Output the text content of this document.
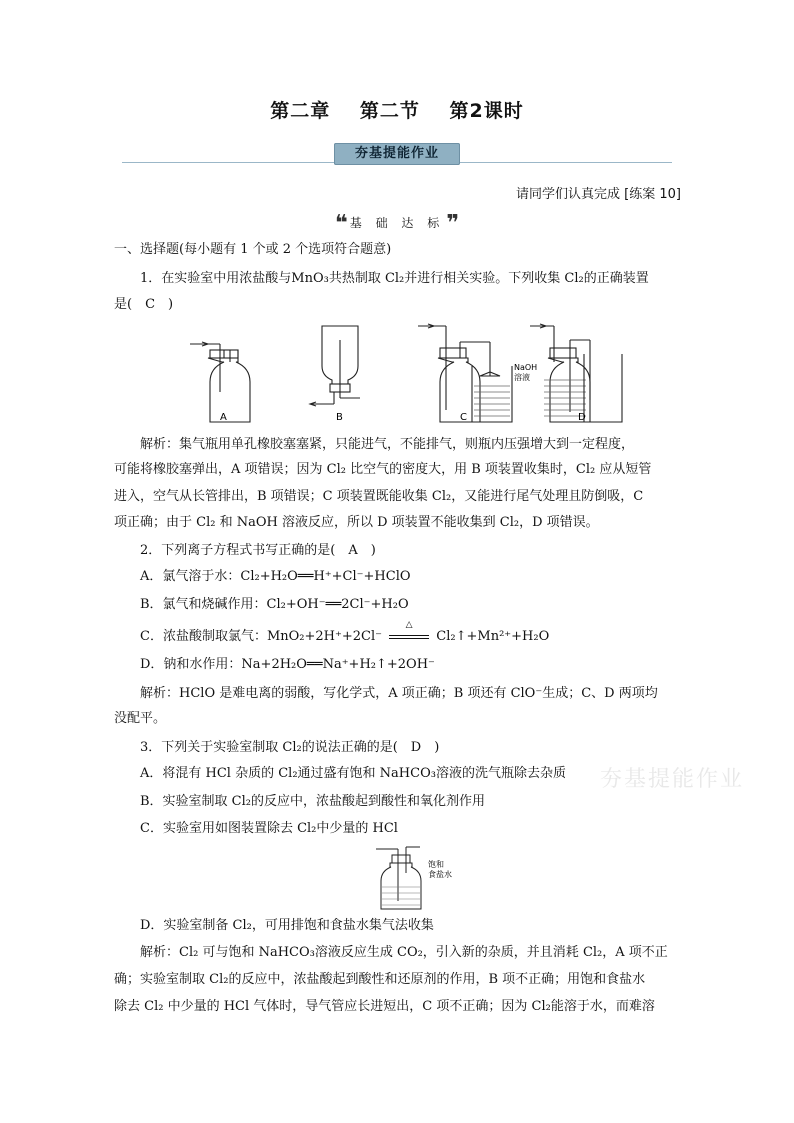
第二章 第二节 第2课时
夯基提能作业
请同学们认真完成 [练案 10]
❝ 基 础 达 标❞
一、选择题(每小题有 1 个或 2 个选项符合题意)
1．在实验室中用浓盐酸与MnO₃共热制取 Cl₂并进行相关实验。下列收集 Cl₂的正确装置
是(　C　)
NaOH
溶液
A	B	C	D
解析：集气瓶用单孔橡胶塞塞紧，只能进气，不能排气，则瓶内压强增大到一定程度，
可能将橡胶塞弹出，A 项错误；因为 Cl₂ 比空气的密度大，用 B 项装置收集时，Cl₂ 应从短管
进入，空气从长管排出，B 项错误；C 项装置既能收集 Cl₂，又能进行尾气处理且防倒吸，C
项正确；由于 Cl₂ 和 NaOH 溶液反应，所以 D 项装置不能收集到 Cl₂，D 项错误。
2．下列离子方程式书写正确的是(　A　)
A．氯气溶于水：Cl₂+H₂O══H⁺+Cl⁻+HClO
B．氯气和烧碱作用：Cl₂+OH⁻══2Cl⁻+H₂O
C．浓盐酸制取氯气：MnO₂+2H⁺+2Cl⁻
△
Cl₂↑+Mn²⁺+H₂O
D．钠和水作用：Na+2H₂O══Na⁺+H₂↑+2OH⁻
解析：HClO 是难电离的弱酸，写化学式，A 项正确；B 项还有 ClO⁻生成；C、D 两项均
没配平。
3．下列关于实验室制取 Cl₂的说法正确的是(　D　)
A．将混有 HCl 杂质的 Cl₂通过盛有饱和 NaHCO₃溶液的洗气瓶除去杂质
B．实验室制取 Cl₂的反应中，浓盐酸起到酸性和氧化剂作用
C．实验室用如图装置除去 Cl₂中少量的 HCl
饱和
食盐水
D．实验室制备 Cl₂，可用排饱和食盐水集气法收集
解析：Cl₂ 可与饱和 NaHCO₃溶液反应生成 CO₂，引入新的杂质，并且消耗 Cl₂，A 项不正
确；实验室制取 Cl₂的反应中，浓盐酸起到酸性和还原剂的作用，B 项不正确；用饱和食盐水
除去 Cl₂ 中少量的 HCl 气体时，导气管应长进短出，C 项不正确；因为 Cl₂能溶于水，而难溶
夯基提能作业
